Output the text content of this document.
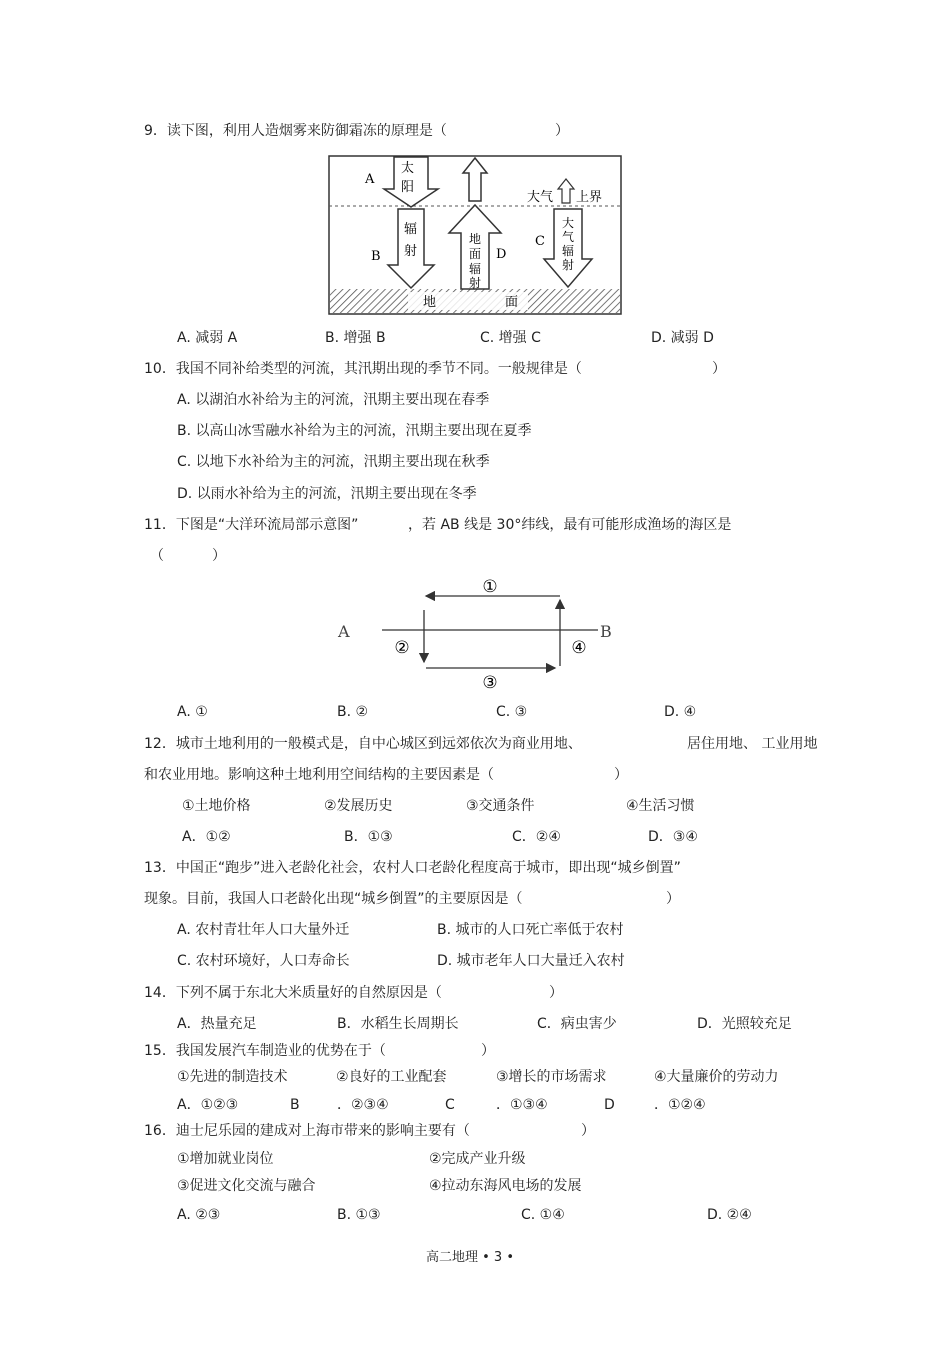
9．读下图，利用人造烟雾来防御霜冻的原理是（	）
A
太
阳
大气 上界
B
辐
射
地
面
辐
射
D
C
大
气
辐
射
地	面
A. 减弱 A	B. 增强 B	C. 增强 C	D. 减弱 D
10．我国不同补给类型的河流，其汛期出现的季节不同。一般规律是（	）
A. 以湖泊水补给为主的河流，汛期主要出现在春季
B. 以高山冰雪融水补给为主的河流，汛期主要出现在夏季
C. 以地下水补给为主的河流，汛期主要出现在秋季
D. 以雨水补给为主的河流，汛期主要出现在冬季
11．下图是“大洋环流局部示意图”	，若 AB 线是 30°纬线，最有可能形成渔场的海区是
（	）
A	B
①
②
③
④
A. ①	B. ②	C. ③	D. ④
12．城市土地利用的一般模式是，自中心城区到远郊依次为商业用地、	居住用地、 工业用地
和农业用地。影响这种土地利用空间结构的主要因素是（	）
①土地价格	②发展历史	③交通条件	④生活习惯
A．①②	B．①③	C．②④	D．③④
13．中国正“跑步”进入老龄化社会，农村人口老龄化程度高于城市，即出现“城乡倒置”
现象。目前，我国人口老龄化出现“城乡倒置”的主要原因是（	）
A. 农村青壮年人口大量外迁	B. 城市的人口死亡率低于农村
C. 农村环境好，人口寿命长	D. 城市老年人口大量迁入农村
14．下列不属于东北大米质量好的自然原因是（	）
A．热量充足	B．水稻生长周期长	C．病虫害少	D．光照较充足
15．我国发展汽车制造业的优势在于（	）
①先进的制造技术	②良好的工业配套	③增长的市场需求	④大量廉价的劳动力
A．①②③	B	．②③④	C	．①③④	D	．①②④
16．迪士尼乐园的建成对上海市带来的影响主要有（	）
①增加就业岗位	②完成产业升级
③促进文化交流与融合	④拉动东海风电场的发展
A. ②③	B. ①③	C. ①④	D. ②④
高二地理 • 3 •
